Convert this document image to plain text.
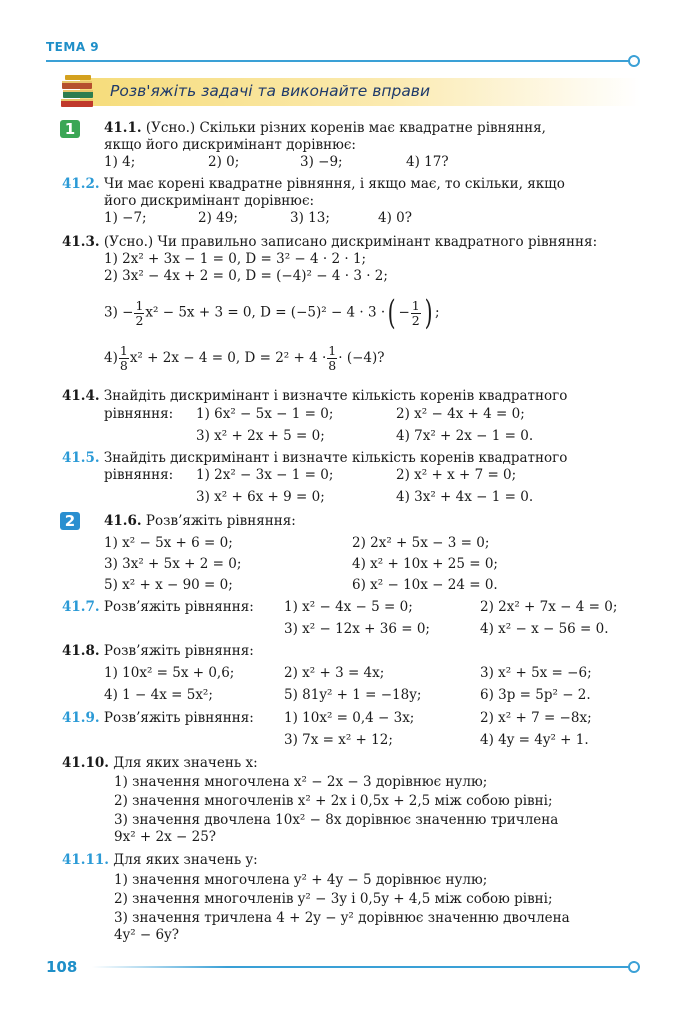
ТЕМА 9
Розв'яжіть задачі та виконайте вправи
1	41.1. (Усно.) Скільки різних коренів має квадратне рівняння,
якщо його дискримінант дорівнює:
1) 4;	2) 0;	3) −9;	4) 17?
41.2. Чи має корені квадратне рівняння, і якщо має, то скільки, якщо
його дискримінант дорівнює:
1) −7;	2) 49;	3) 13;	4) 0?
41.3. (Усно.) Чи правильно записано дискримінант квадратного рівняння:
1) 2x² + 3x − 1 = 0, D = 3² − 4 · 2 · 1;
2) 3x² − 4x + 2 = 0, D = (−4)² − 4 · 3 · 2;
$3) - \frac{1}{2} x^2 - 5x + 3 = 0$, D = (−5)² − 4 · 3 ·( − $\frac{1}{2}$ ) ;
$4) \frac{1}{8} x^2 + 2x - 4 = 0$, $D = 2^2 + 4 \cdot \frac{1}{8} \cdot (-4)$?
41.4. Знайдіть дискримінант і визначте кількість коренів квадратного
рівняння: 1) 6x² − 5x − 1 = 0;	2) x² − 4x + 4 = 0;
3) x² + 2x + 5 = 0;	4) 7x² + 2x − 1 = 0.
41.5. Знайдіть дискримінант і визначте кількість коренів квадратного
рівняння: 1) 2x² − 3x − 1 = 0;	2) x² + x + 7 = 0;
3) x² + 6x + 9 = 0;	4) 3x² + 4x − 1 = 0.
2	41.6. Розв’яжіть рівняння:
1) x² − 5x + 6 = 0;	2) 2x² + 5x − 3 = 0;
3) 3x² + 5x + 2 = 0;	4) x² + 10x + 25 = 0;
5) x² + x − 90 = 0;	6) x² − 10x − 24 = 0.
41.7. Розв’яжіть рівняння: 1) x² − 4x − 5 = 0;	2) 2x² + 7x − 4 = 0;
3) x² − 12x + 36 = 0;	4) x² − x − 56 = 0.
41.8. Розв’яжіть рівняння:
1) 10x² = 5x + 0,6;	2) x² + 3 = 4x;	3) x² + 5x = −6;
4) 1 − 4x = 5x²;	5) 81y² + 1 = −18y;	6) 3p = 5p² − 2.
41.9. Розв’яжіть рівняння: 1) 10x² = 0,4 − 3x;	2) x² + 7 = −8x;
3) 7x = x² + 12;	4) 4y = 4y² + 1.
41.10. Для яких значень x:
1) значення многочлена x² − 2x − 3 дорівнює нулю;
2) значення многочленів x² + 2x і 0,5x + 2,5 між собою рівні;
3) значення двочлена 10x² − 8x дорівнює значенню тричлена
9x² + 2x − 25?
41.11. Для яких значень y:
1) значення многочлена y² + 4y − 5 дорівнює нулю;
2) значення многочленів y² − 3y і 0,5y + 4,5 між собою рівні;
3) значення тричлена 4 + 2y − y² дорівнює значенню двочлена
4y² − 6y?
108
